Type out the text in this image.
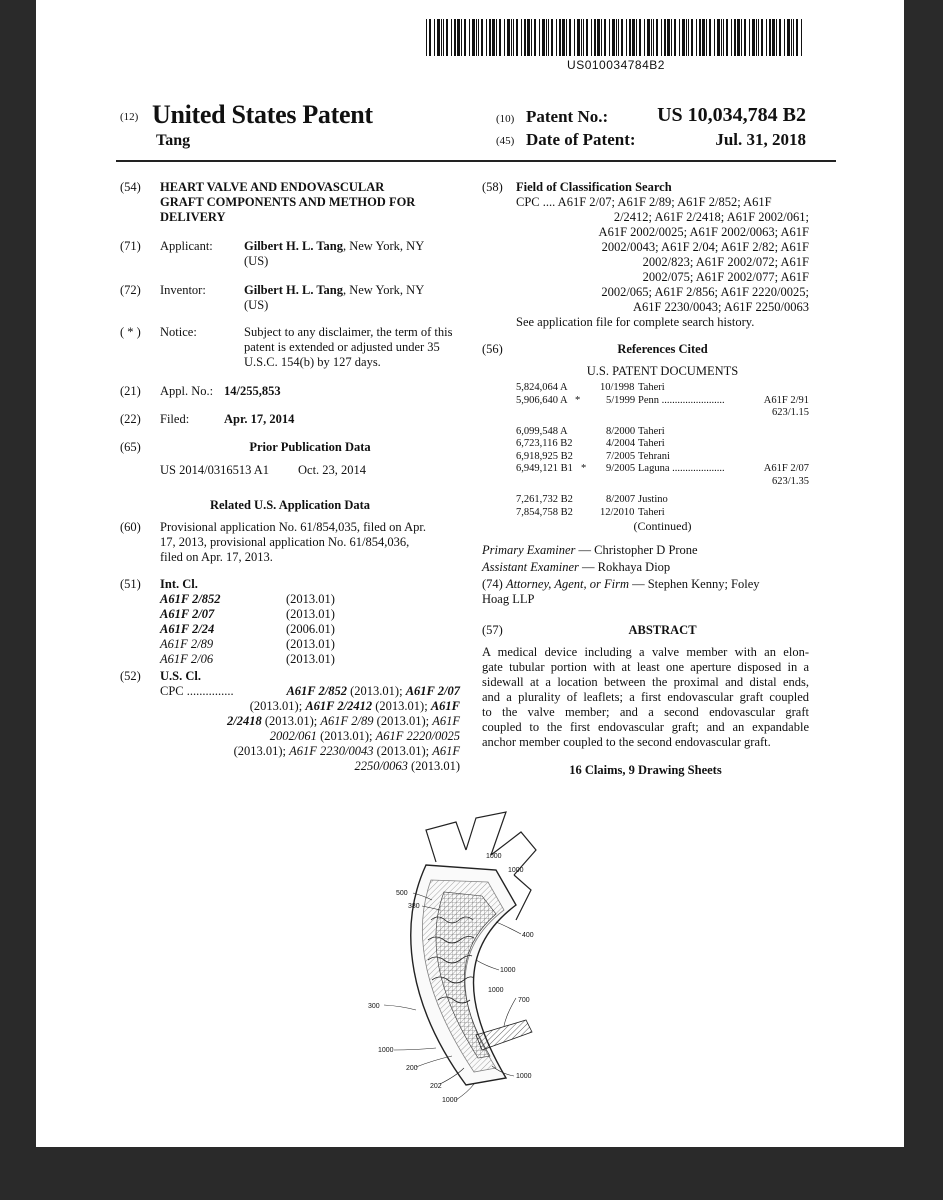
US010034784B2
(12) United States Patent
Tang
(10) Patent No.:	US 10,034,784 B2
(45) Date of Patent:	Jul. 31, 2018
(54) HEART VALVE AND ENDOVASCULAR
GRAFT COMPONENTS AND METHOD FOR
DELIVERY
(71) Applicant: Gilbert H. L. Tang, New York, NY
(US)
(72) Inventor:	Gilbert H. L. Tang, New York, NY
(US)
( * ) Notice:	Subject to any disclaimer, the term of this
patent is extended or adjusted under 35
U.S.C. 154(b) by 127 days.
(21) Appl. No.: 14/255,853
(22) Filed:	Apr. 17, 2014
(65)	Prior Publication Data
US 2014/0316513 A1 Oct. 23, 2014
Related U.S. Application Data
(60) Provisional application No. 61/854,035, filed on Apr.
17, 2013, provisional application No. 61/854,036,
filed on Apr. 17, 2013.
(51) Int. Cl.
A61F 2/852	(2013.01)
A61F 2/07	(2013.01)
A61F 2/24	(2006.01)
A61F 2/89	(2013.01)
A61F 2/06	(2013.01)
(52) U.S. Cl.
CPC ...............	A61F 2/852 (2013.01); A61F 2/07
(2013.01); A61F 2/2412 (2013.01); A61F
2/2418 (2013.01); A61F 2/89 (2013.01); A61F
2002/061 (2013.01); A61F 2220/0025
(2013.01); A61F 2230/0043 (2013.01); A61F
2250/0063 (2013.01)
(58) Field of Classification Search
CPC .... A61F 2/07; A61F 2/89; A61F 2/852; A61F
2/2412; A61F 2/2418; A61F 2002/061;
A61F 2002/0025; A61F 2002/0063; A61F
2002/0043; A61F 2/04; A61F 2/82; A61F
2002/823; A61F 2002/072; A61F
2002/075; A61F 2002/077; A61F
2002/065; A61F 2/856; A61F 2220/0025;
A61F 2230/0043; A61F 2250/0063
See application file for complete search history.
(56)	References Cited
U.S. PATENT DOCUMENTS
5,824,064 A	10/1998 Taheri
5,906,640 A * 5/1999 Penn ........................	A61F 2/91
623/1.15
6,099,548 A	8/2000 Taheri
6,723,116 B2	4/2004 Taheri
6,918,925 B2	7/2005 Tehrani
6,949,121 B1 * 9/2005 Laguna ....................	A61F 2/07
623/1.35
7,261,732 B2	8/2007 Justino
7,854,758 B2	12/2010 Taheri
(Continued)
Primary Examiner — Christopher D Prone
Assistant Examiner — Rokhaya Diop
(74) Attorney, Agent, or Firm — Stephen Kenny; Foley
Hoag LLP
(57)	ABSTRACT
A medical device including a valve member with an elon-
gate tubular portion with at least one aperture disposed in a
sidewall at a location between the proximal and distal ends,
and a plurality of leaflets; a first endovascular graft coupled
to the valve member; and a second endovascular graft
coupled to the first endovascular graft; and an expandable
anchor member coupled to the second endovascular graft.
16 Claims, 9 Drawing Sheets
1000
1000
500
380
400
1000
1000
700
300
1000
200
202
1000
1000
